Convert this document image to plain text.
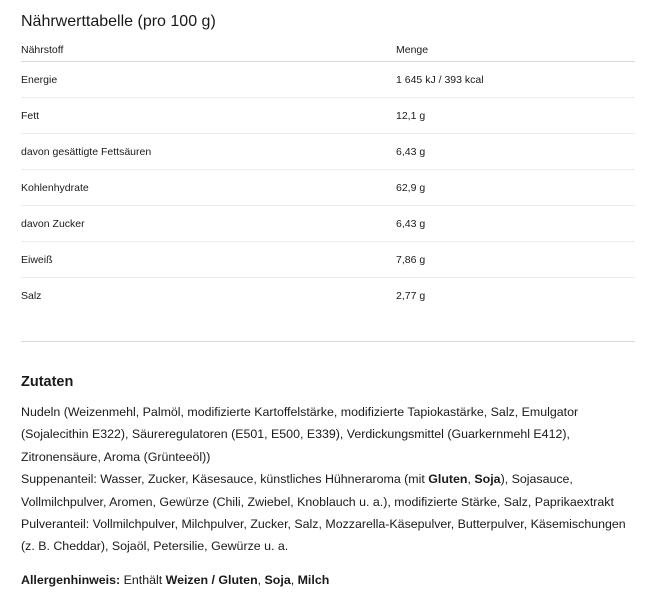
Nährwerttabelle (pro 100 g)
Nährstoff	Menge
Energie	1 645 kJ / 393 kcal
Fett	12,1 g
davon gesättigte Fettsäuren	6,43 g
Kohlenhydrate	62,9 g
davon Zucker	6,43 g
Eiweiß	7,86 g
Salz	2,77 g
Zutaten

Nudeln (Weizenmehl, Palmöl, modifizierte Kartoffelstärke, modifizierte Tapiokastärke, Salz, Emulgator (Sojalecithin E322), Säureregulatoren (E501, E500, E339), Verdickungsmittel (Guarkernmehl E412), Zitronensäure, Aroma (Grünteeöl))

Suppenanteil: Wasser, Zucker, Käsesauce, künstliches Hühneraroma (mit Gluten, Soja), Sojasauce, Vollmilchpulver, Aromen, Gewürze (Chili, Zwiebel, Knoblauch u. a.), modifizierte Stärke, Salz, Paprikaextrakt

Pulveranteil: Vollmilchpulver, Milchpulver, Zucker, Salz, Mozzarella-Käsepulver, Butterpulver, Käsemischungen (z. B. Cheddar), Sojaöl, Petersilie, Gewürze u. a.

Allergenhinweis: Enthält Weizen / Gluten, Soja, Milch
